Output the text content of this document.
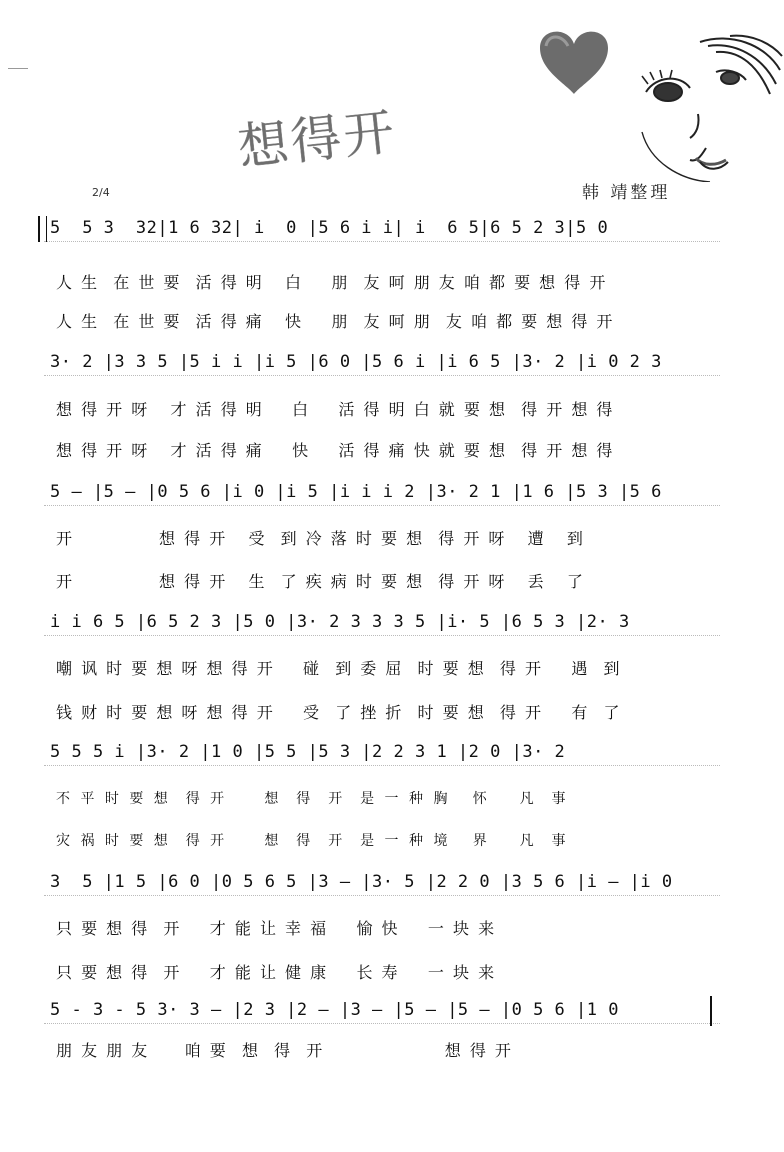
想得开
2/4	韩 靖整理
5  5 3  32|1 6 32| i  0 |5 6 i i| i  6 5|6 5 2 3|5 0
人 生  在 世 要  活 得 明   白    朋  友 呵 朋 友 咱 都 要 想 得 开
人 生  在 世 要  活 得 痛   快    朋  友 呵 朋  友 咱 都 要 想 得 开
3· 2 |3 3 5 |5 i i |i 5 |6 0 |5 6 i |i 6 5 |3· 2 |i 0 2 3
想 得 开 呀   才 活 得 明    白    活 得 明 白 就 要 想  得 开 想 得
想 得 开 呀   才 活 得 痛    快    活 得 痛 快 就 要 想  得 开 想 得
5 — |5 — |0 5 6 |i 0 |i 5 |i i i 2 |3· 2 1 |1 6 |5 3 |5 6
开            想 得 开   受  到 冷 落 时 要 想  得 开 呀   遭   到
开            想 得 开   生  了 疾 病 时 要 想  得 开 呀   丢   了
i i 6 5 |6 5 2 3 |5 0 |3· 2 3 3 3 5 |i· 5 |6 5 3 |2· 3
嘲 讽 时 要 想 呀 想 得 开    碰  到 委 屈  时 要 想  得 开    遇  到
钱 财 时 要 想 呀 想 得 开    受  了 挫 折  时 要 想  得 开    有  了
5 5 5 i |3· 2 |1 0 |5 5 |5 3 |2 2 3 1 |2 0 |3· 2
不 平 时 要 想  得 开     想  得  开  是 一 种 胸   怀    凡  事
灾 祸 时 要 想  得 开     想  得  开  是 一 种 境   界    凡  事
3  5 |1 5 |6 0 |0 5 6 5 |3 — |3· 5 |2 2 0 |3 5 6 |i — |i 0
只 要 想 得  开    才 能 让 幸 福    愉 快    一 块 来
只 要 想 得  开    才 能 让 健 康    长 寿    一 块 来
5 - 3 - 5 3· 3 — |2 3 |2 — |3 — |5 — |5 — |0 5 6 |1 0
朋 友 朋 友     咱 要  想  得  开                 想 得 开
